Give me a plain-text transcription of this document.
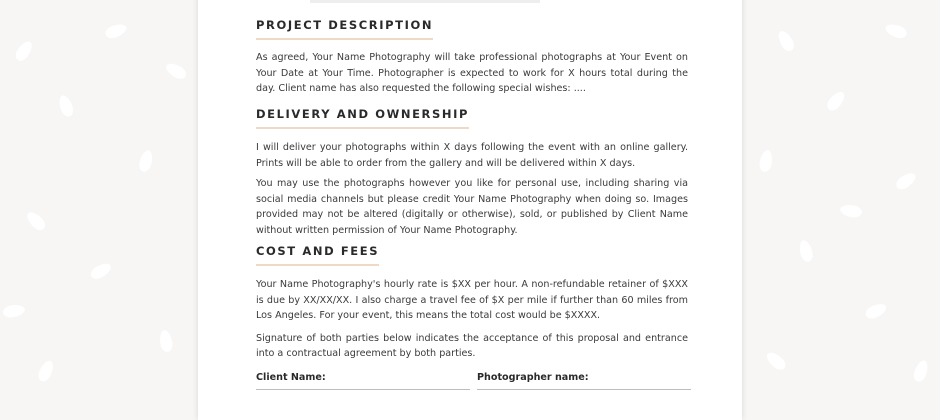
PROJECT DESCRIPTION

As agreed, Your Name Photography will take professional photographs at Your Event on Your Date at Your Time. Photographer is expected to work for X hours total during the day. Client name has also requested the following special wishes: ....

DELIVERY AND OWNERSHIP

I will deliver your photographs within X days following the event with an online gallery. Prints will be able to order from the gallery and will be delivered within X days.

You may use the photographs however you like for personal use, including sharing via social media channels but please credit Your Name Photography when doing so. Images provided may not be altered (digitally or otherwise), sold, or published by Client Name without written permission of Your Name Photography.

COST AND FEES

Your Name Photography's hourly rate is $XX per hour. A non-refundable retainer of $XXX is due by XX/XX/XX. I also charge a travel fee of $X per mile if further than 60 miles from Los Angeles. For your event, this means the total cost would be $XXXX.

Signature of both parties below indicates the acceptance of this proposal and entrance into a contractual agreement by both parties.

Client Name:	Photographer name:
